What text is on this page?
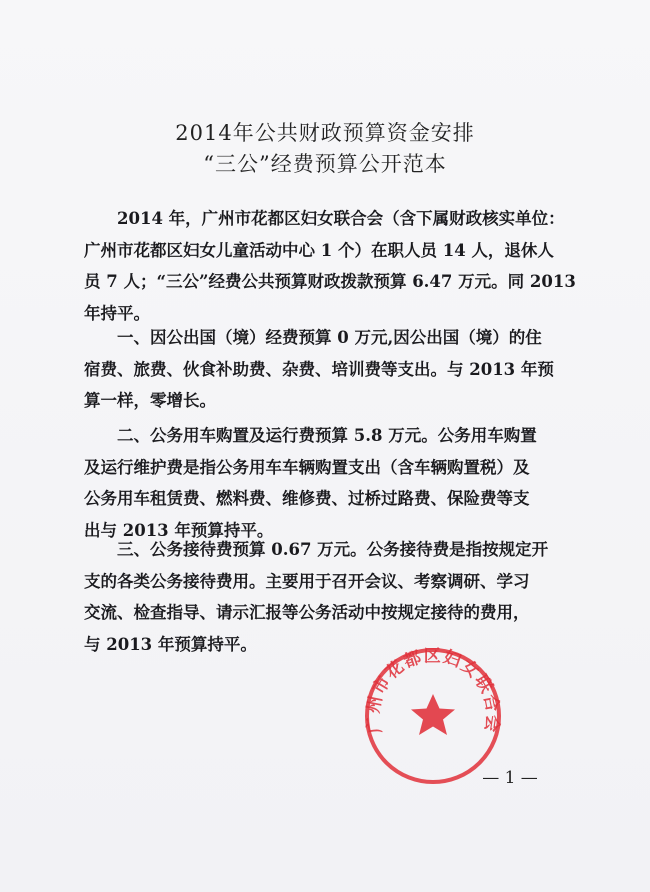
2014年公共财政预算资金安排
“三公”经费预算公开范本
2014 年，广州市花都区妇女联合会（含下属财政核实单位：
广州市花都区妇女儿童活动中心 1 个）在职人员 14 人，退休人
员 7 人；“三公”经费公共预算财政拨款预算 6.47 万元。同 2013
年持平。
一、因公出国（境）经费预算 0 万元,因公出国（境）的住
宿费、旅费、伙食补助费、杂费、培训费等支出。与 2013 年预
算一样，零增长。
二、公务用车购置及运行费预算 5.8 万元。公务用车购置
及运行维护费是指公务用车车辆购置支出（含车辆购置税）及
公务用车租赁费、燃料费、维修费、过桥过路费、保险费等支
出与 2013 年预算持平。
三、公务接待费预算 0.67 万元。公务接待费是指按规定开
支的各类公务接待费用。主要用于召开会议、考察调研、学习
交流、检查指导、请示汇报等公务活动中按规定接待的费用，
与 2013 年预算持平。
广州市花都区妇女联合会
— 1 —
